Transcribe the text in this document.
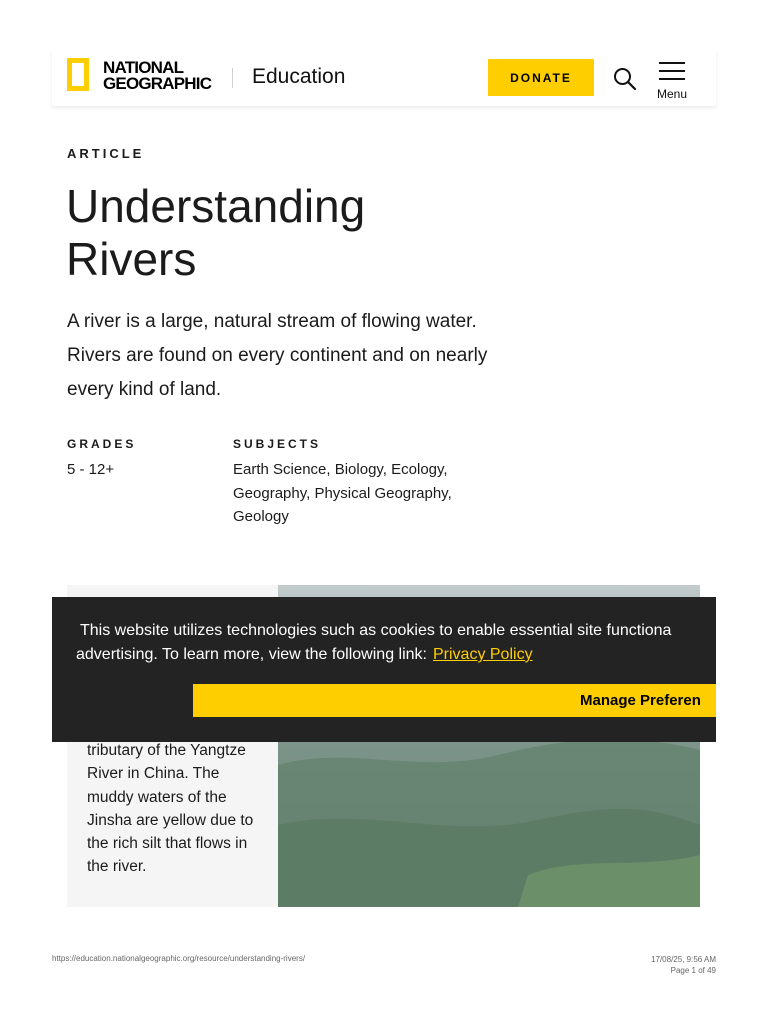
NATIONAL
GEOGRAPHIC Education	DONATE
Menu
ARTICLE
Understanding Rivers

A river is a large, natural stream of flowing water. Rivers are found on every continent and on nearly every kind of land.

GRADES
5 - 12+
SUBJECTS
Earth Science, Biology, Ecology, Geography, Physical Geography, Geology

tributary of the Yangtze River in China. The muddy waters of the Jinsha are yellow due to the rich silt that flows in the river.

This website utilizes technologies such as cookies to enable essential site functiona
advertising. To learn more, view the following link: Privacy Policy
Manage Preferen
https://education.nationalgeographic.org/resource/understanding-rivers/	17/08/25, 9:56 AM
Page 1 of 49
